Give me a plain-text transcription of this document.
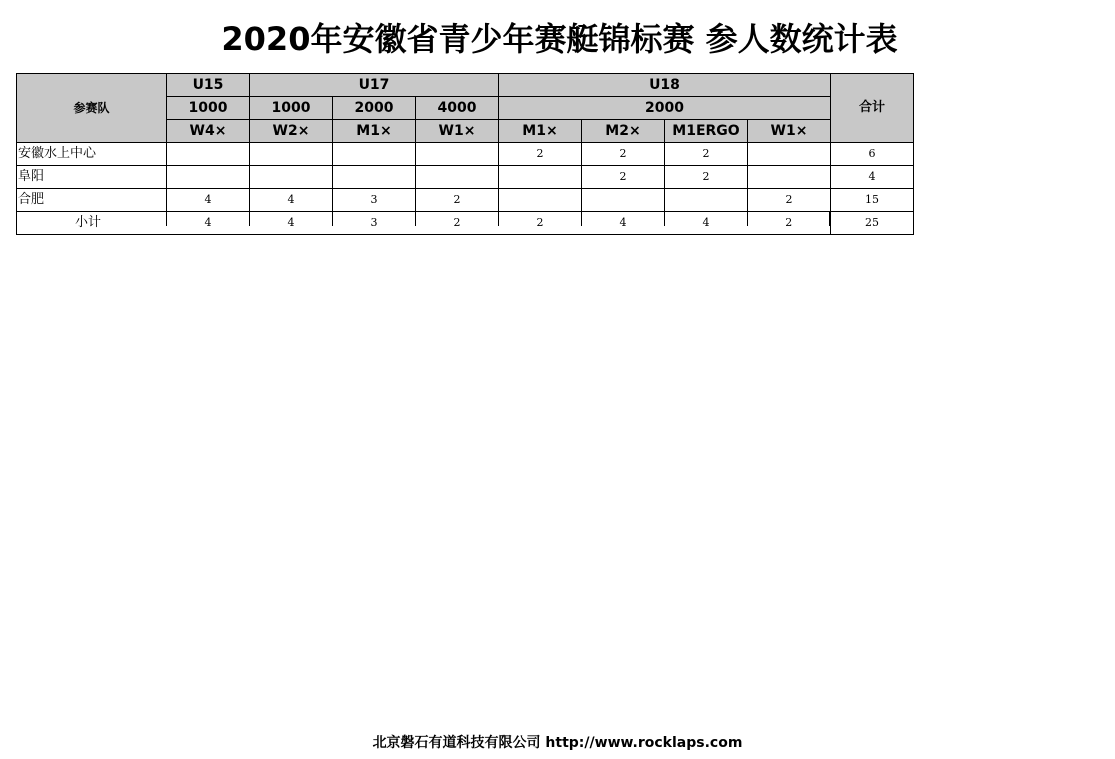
2020年安徽省青少年赛艇锦标赛 参人数统计表
参赛队	U15	U17			U18				合计
	1000	1000	2000	4000	2000				
	W4×	W2×	M1×	W1×	M1×	M2×	M1ERGO	W1×	
安徽水上中心					2	2	2		6
阜阳						2	2		4
合肥	4	4	3	2				2	15
小计	4	4	3	2	2	4	4	2	25
北京磐石有道科技有限公司 http://www.rocklaps.com
